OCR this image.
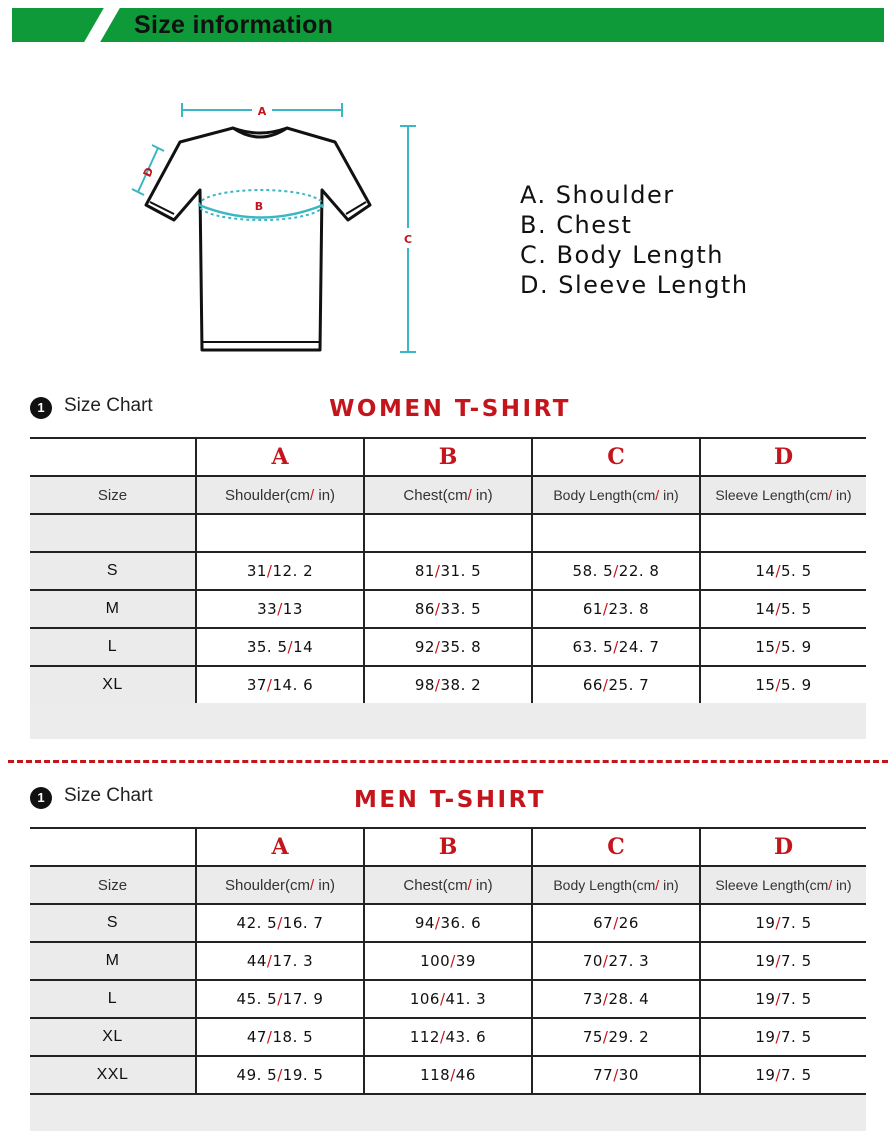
Size information
A
B
C
D
A. Shoulder
B. Chest
C. Body Length
D. Sleeve Length
1	Size Chart	WOMEN T-SHIRT
	A	B	C	D
Size	Shoulder(cm/ in)	Chest(cm/ in)	Body Length(cm/ in)	Sleeve Length(cm/ in)

S	31/12. 2	81/31. 5	58. 5/22. 8	14/5. 5
M	33/13	86/33. 5	61/23. 8	14/5. 5
L	35. 5/14	92/35. 8	63. 5/24. 7	15/5. 9
XL	37/14. 6	98/38. 2	66/25. 7	15/5. 9
1	Size Chart	MEN T-SHIRT
	A	B	C	D
Size	Shoulder(cm/ in)	Chest(cm/ in)	Body Length(cm/ in)	Sleeve Length(cm/ in)
S	42. 5/16. 7	94/36. 6	67/26	19/7. 5
M	44/17. 3	100/39	70/27. 3	19/7. 5
L	45. 5/17. 9	106/41. 3	73/28. 4	19/7. 5
XL	47/18. 5	112/43. 6	75/29. 2	19/7. 5
XXL	49. 5/19. 5	118/46	77/30	19/7. 5
